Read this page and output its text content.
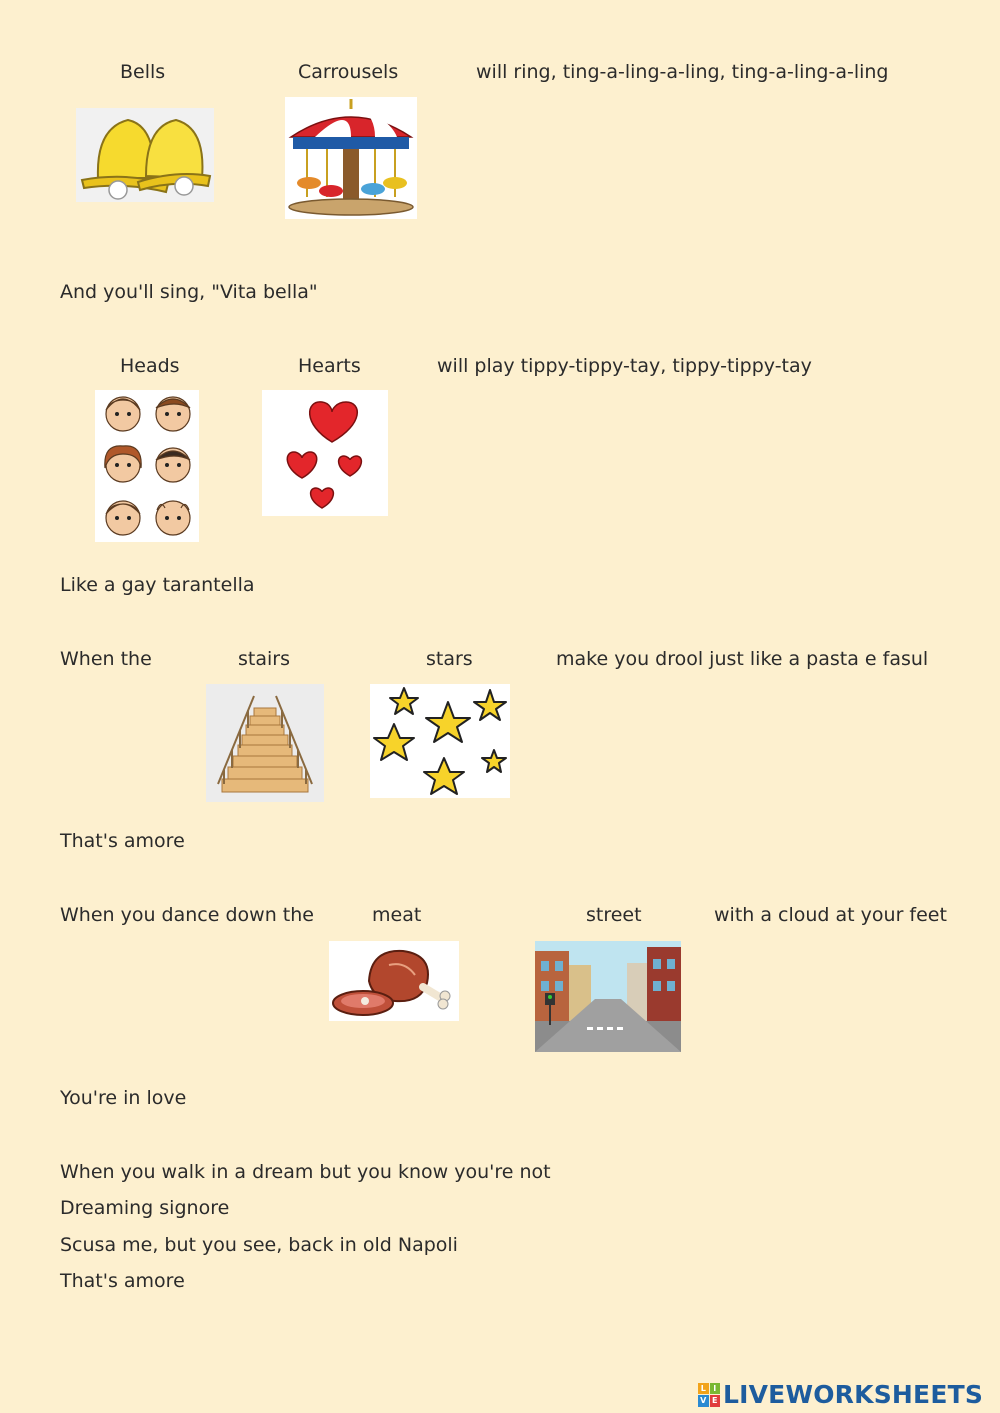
Bells	Carrousels	will ring, ting-a-ling-a-ling, ting-a-ling-a-ling
And you'll sing, "Vita bella"
Heads	Hearts	will play tippy-tippy-tay, tippy-tippy-tay
Like a gay tarantella
When the	stairs	stars	make you drool just like a pasta e fasul
That's amore
When you dance down the	meat	street	with a cloud at your feet
You're in love
When you walk in a dream but you know you're not
Dreaming signore
Scusa me, but you see, back in old Napoli
That's amore
L I
V E LIVEWORKSHEETS
